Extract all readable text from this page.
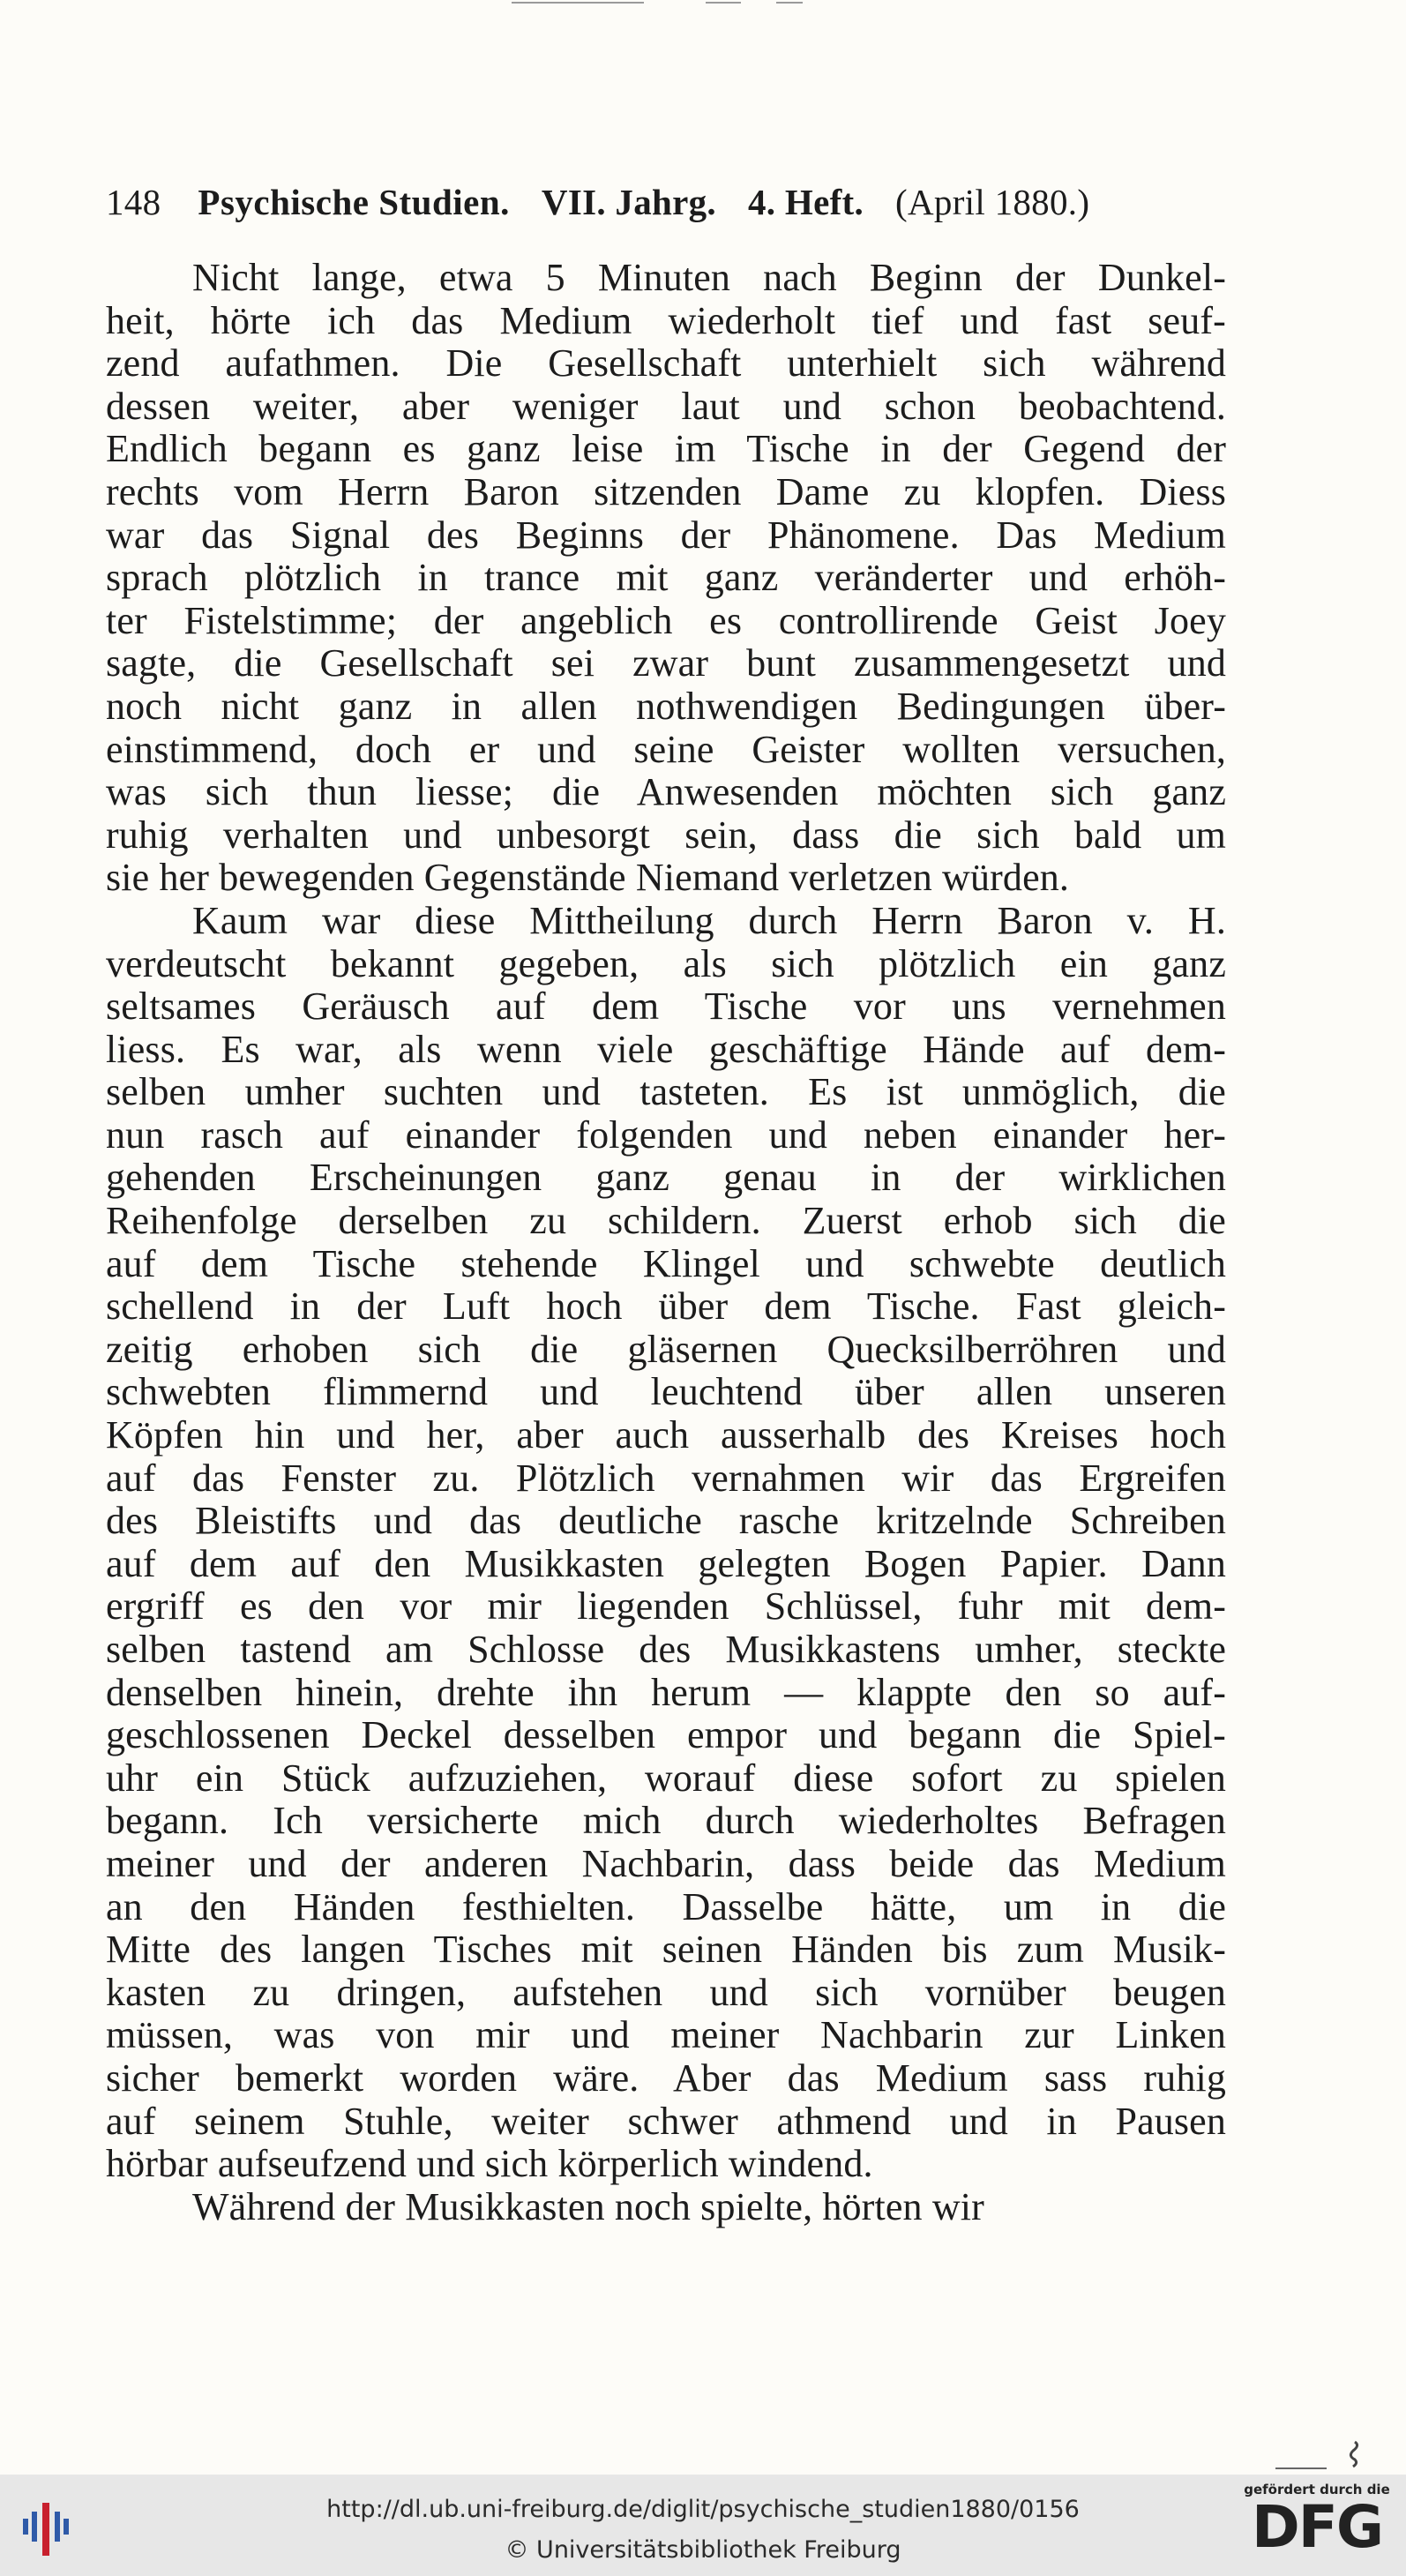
148 Psychische Studien. VII. Jahrg. 4. Heft. (April 1880.)
Nicht lange, etwa 5 Minuten nach Beginn der Dunkel-
heit, hörte ich das Medium wiederholt tief und fast seuf-
zend aufathmen. Die Gesellschaft unterhielt sich während
dessen weiter, aber weniger laut und schon beobachtend.
Endlich begann es ganz leise im Tische in der Gegend der
rechts vom Herrn Baron sitzenden Dame zu klopfen. Diess
war das Signal des Beginns der Phänomene. Das Medium
sprach plötzlich in trance mit ganz veränderter und erhöh-
ter Fistelstimme; der angeblich es controllirende Geist Joey
sagte, die Gesellschaft sei zwar bunt zusammengesetzt und
noch nicht ganz in allen nothwendigen Bedingungen über-
einstimmend, doch er und seine Geister wollten versuchen,
was sich thun liesse; die Anwesenden möchten sich ganz
ruhig verhalten und unbesorgt sein, dass die sich bald um
sie her bewegenden Gegenstände Niemand verletzen würden.
Kaum war diese Mittheilung durch Herrn Baron v. H.
verdeutscht bekannt gegeben, als sich plötzlich ein ganz
seltsames Geräusch auf dem Tische vor uns vernehmen
liess. Es war, als wenn viele geschäftige Hände auf dem-
selben umher suchten und tasteten. Es ist unmöglich, die
nun rasch auf einander folgenden und neben einander her-
gehenden Erscheinungen ganz genau in der wirklichen
Reihenfolge derselben zu schildern. Zuerst erhob sich die
auf dem Tische stehende Klingel und schwebte deutlich
schellend in der Luft hoch über dem Tische. Fast gleich-
zeitig erhoben sich die gläsernen Quecksilberröhren und
schwebten flimmernd und leuchtend über allen unseren
Köpfen hin und her, aber auch ausserhalb des Kreises hoch
auf das Fenster zu. Plötzlich vernahmen wir das Ergreifen
des Bleistifts und das deutliche rasche kritzelnde Schreiben
auf dem auf den Musikkasten gelegten Bogen Papier. Dann
ergriff es den vor mir liegenden Schlüssel, fuhr mit dem-
selben tastend am Schlosse des Musikkastens umher, steckte
denselben hinein, drehte ihn herum — klappte den so auf-
geschlossenen Deckel desselben empor und begann die Spiel-
uhr ein Stück aufzuziehen, worauf diese sofort zu spielen
begann. Ich versicherte mich durch wiederholtes Befragen
meiner und der anderen Nachbarin, dass beide das Medium
an den Händen festhielten. Dasselbe hätte, um in die
Mitte des langen Tisches mit seinen Händen bis zum Musik-
kasten zu dringen, aufstehen und sich vornüber beugen
müssen, was von mir und meiner Nachbarin zur Linken
sicher bemerkt worden wäre. Aber das Medium sass ruhig
auf seinem Stuhle, weiter schwer athmend und in Pausen
hörbar aufseufzend und sich körperlich windend.
Während der Musikkasten noch spielte, hörten wir
http://dl.ub.uni-freiburg.de/diglit/psychische_studien1880/0156
© Universitätsbibliothek Freiburg
gefördert durch die
DFG
